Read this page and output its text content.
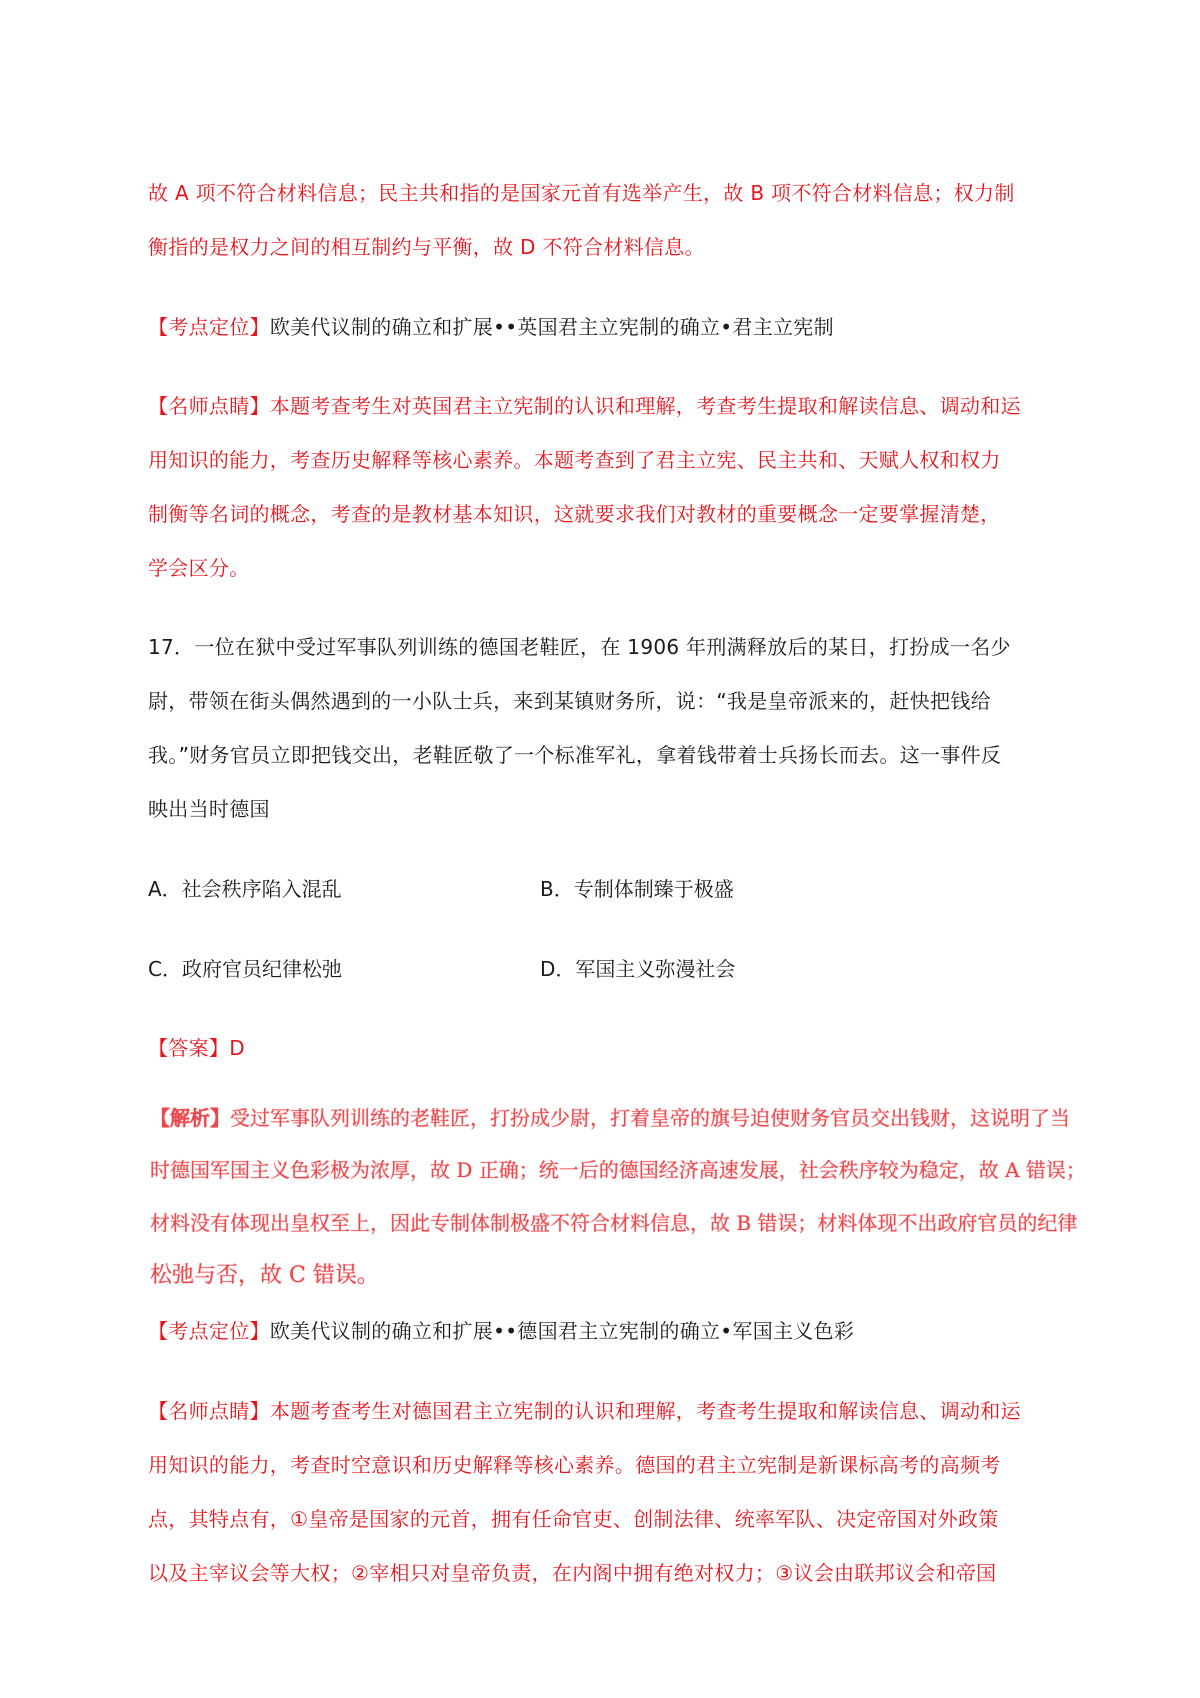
故 A 项不符合材料信息；民主共和指的是国家元首有选举产生，故 B 项不符合材料信息；权力制
衡指的是权力之间的相互制约与平衡，故 D 不符合材料信息。
【考点定位】欧美代议制的确立和扩展••英国君主立宪制的确立•君主立宪制
【名师点睛】本题考查考生对英国君主立宪制的认识和理解，考查考生提取和解读信息、调动和运
用知识的能力，考查历史解释等核心素养。本题考查到了君主立宪、民主共和、天赋人权和权力
制衡等名词的概念，考查的是教材基本知识，这就要求我们对教材的重要概念一定要掌握清楚，
学会区分。
17．一位在狱中受过军事队列训练的德国老鞋匠，在 1906 年刑满释放后的某日，打扮成一名少
尉，带领在街头偶然遇到的一小队士兵，来到某镇财务所，说：“我是皇帝派来的，赶快把钱给
我。”财务官员立即把钱交出，老鞋匠敬了一个标准军礼，拿着钱带着士兵扬长而去。这一事件反
映出当时德国
A．社会秩序陷入混乱	B．专制体制臻于极盛
C．政府官员纪律松弛	D．军国主义弥漫社会
【答案】D
【解析】受过军事队列训练的老鞋匠，打扮成少尉，打着皇帝的旗号迫使财务官员交出钱财，这说明了当
时德国军国主义色彩极为浓厚，故 D 正确；统一后的德国经济高速发展，社会秩序较为稳定，故 A 错误；
材料没有体现出皇权至上，因此专制体制极盛不符合材料信息，故 B 错误；材料体现不出政府官员的纪律
松弛与否，故 C 错误。
【考点定位】欧美代议制的确立和扩展••德国君主立宪制的确立•军国主义色彩
【名师点睛】本题考查考生对德国君主立宪制的认识和理解，考查考生提取和解读信息、调动和运
用知识的能力，考查时空意识和历史解释等核心素养。德国的君主立宪制是新课标高考的高频考
点，其特点有，①皇帝是国家的元首，拥有任命官吏、创制法律、统率军队、决定帝国对外政策
以及主宰议会等大权；②宰相只对皇帝负责，在内阁中拥有绝对权力；③议会由联邦议会和帝国
